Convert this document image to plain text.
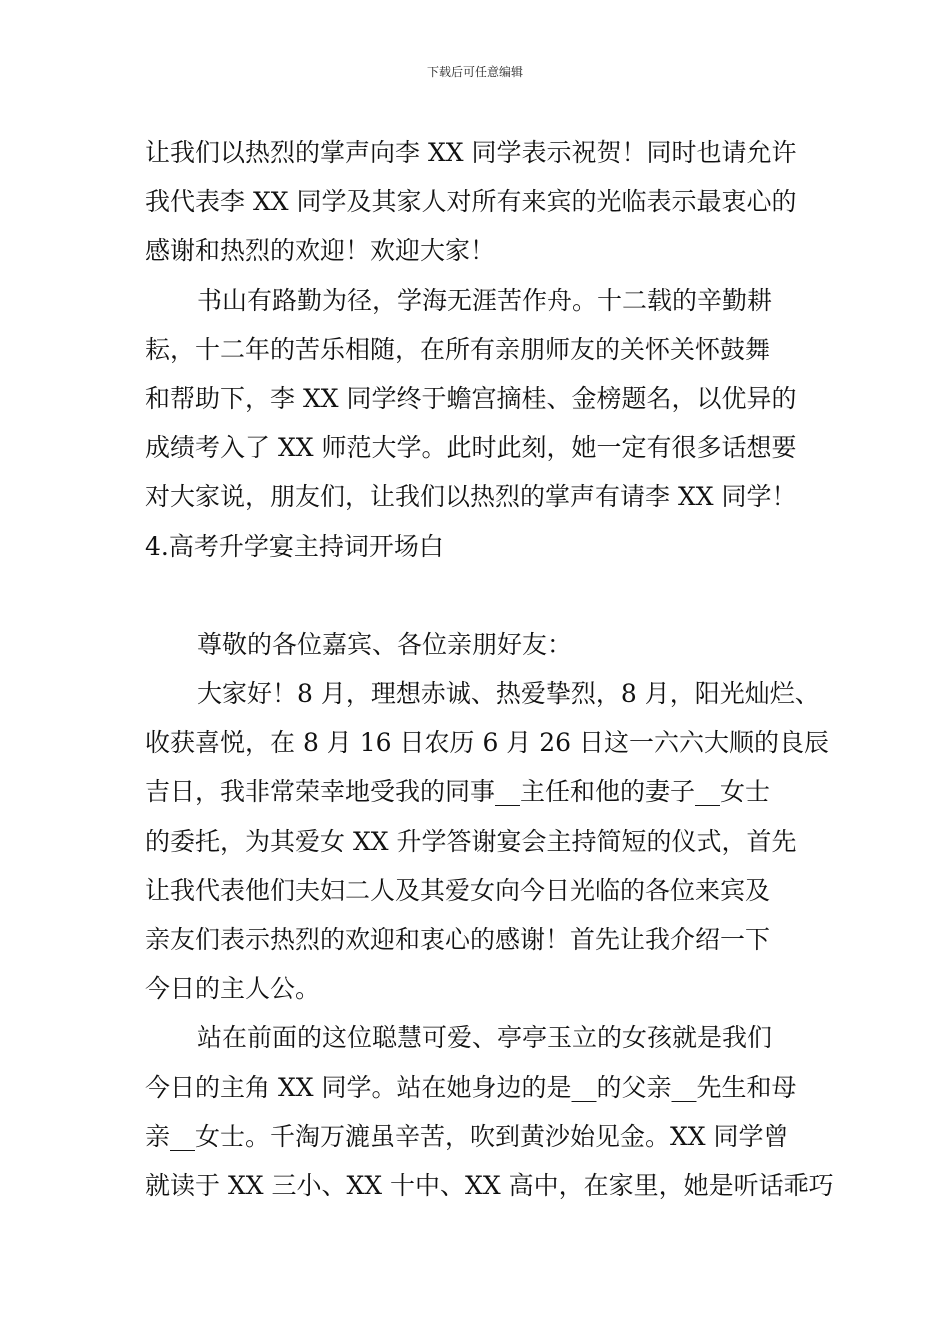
下载后可任意编辑
让我们以热烈的掌声向李 XX 同学表示祝贺！同时也请允许
我代表李 XX 同学及其家人对所有来宾的光临表示最衷心的
感谢和热烈的欢迎！欢迎大家！
书山有路勤为径，学海无涯苦作舟。十二载的辛勤耕
耘，十二年的苦乐相随，在所有亲朋师友的关怀关怀鼓舞
和帮助下，李 XX 同学终于蟾宫摘桂、金榜题名，以优异的
成绩考入了 XX 师范大学。此时此刻，她一定有很多话想要
对大家说，朋友们，让我们以热烈的掌声有请李 XX 同学！
4.高考升学宴主持词开场白
尊敬的各位嘉宾、各位亲朋好友：
大家好！8 月，理想赤诚、热爱挚烈，8 月，阳光灿烂、
收获喜悦，在 8 月 16 日农历 6 月 26 日这一六六大顺的良辰
吉日，我非常荣幸地受我的同事__主任和他的妻子__女士
的委托，为其爱女 XX 升学答谢宴会主持简短的仪式，首先
让我代表他们夫妇二人及其爱女向今日光临的各位来宾及
亲友们表示热烈的欢迎和衷心的感谢！首先让我介绍一下
今日的主人公。
站在前面的这位聪慧可爱、亭亭玉立的女孩就是我们
今日的主角 XX 同学。站在她身边的是__的父亲__先生和母
亲__女士。千淘万漉虽辛苦，吹到黄沙始见金。XX 同学曾
就读于 XX 三小、XX 十中、XX 高中，在家里，她是听话乖巧
